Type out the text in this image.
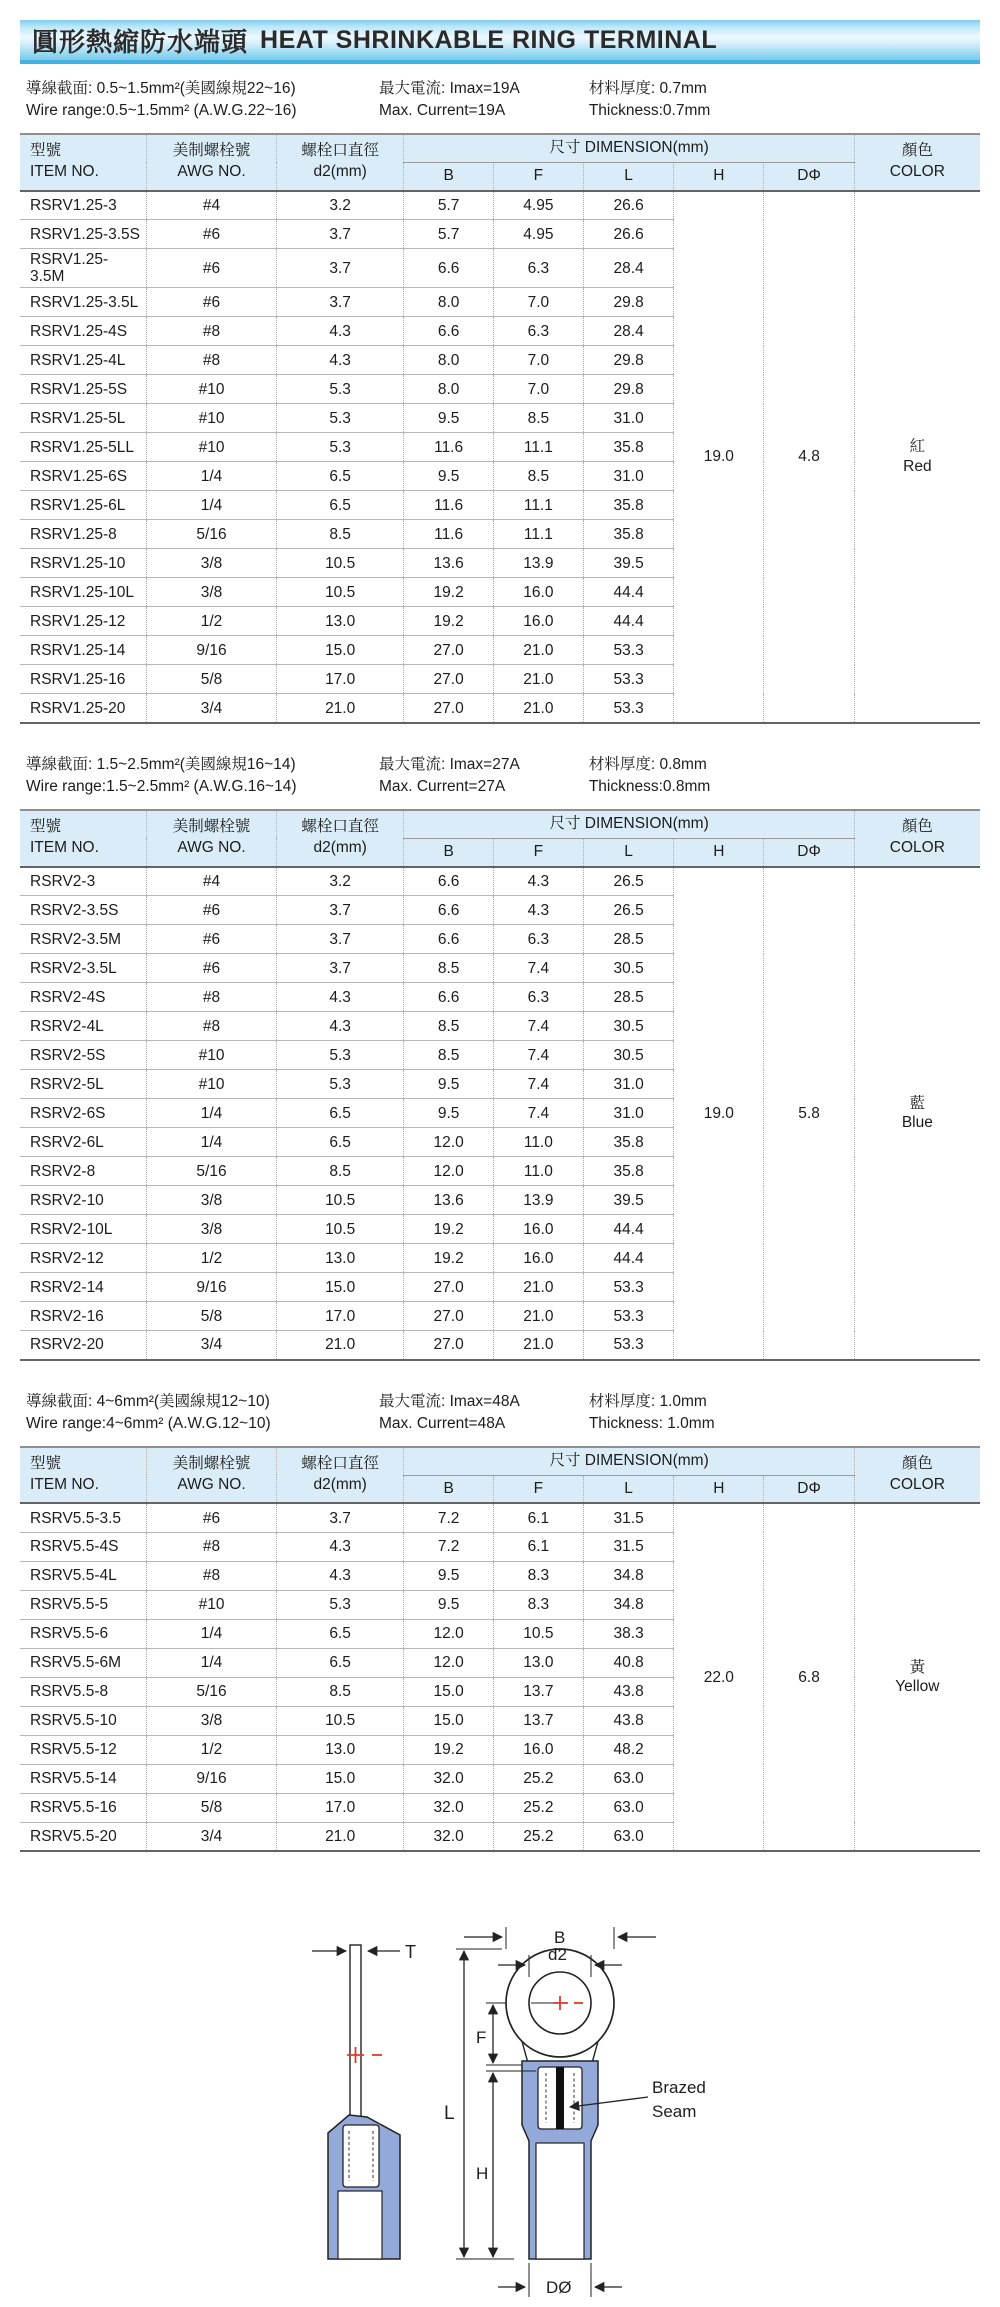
圓形熱縮防水端頭 HEAT SHRINKABLE RING TERMINAL
導線截面: 0.5~1.5mm²(美國線規22~16)
Wire range:0.5~1.5mm² (A.W.G.22~16)
最大電流: Imax=19A
Max. Current=19A
材料厚度: 0.7mm
Thickness:0.7mm
型號
ITEM NO.

美制螺栓號
AWG NO.

螺栓口直徑
d2(mm)
	尺寸 DIMENSION(mm)	顏色
COLOR

			B	F	L	H	DΦ	
RSRV1.25-3	#4	3.2	5.7	4.95	26.6	19.0	4.8	紅
Red

RSRV1.25-3.5S	#6	3.7	5.7	4.95	26.6			
RSRV1.25-3.5M	#6	3.7	6.6	6.3	28.4			
RSRV1.25-3.5L	#6	3.7	8.0	7.0	29.8			
RSRV1.25-4S	#8	4.3	6.6	6.3	28.4			
RSRV1.25-4L	#8	4.3	8.0	7.0	29.8			
RSRV1.25-5S	#10	5.3	8.0	7.0	29.8			
RSRV1.25-5L	#10	5.3	9.5	8.5	31.0			
RSRV1.25-5LL	#10	5.3	11.6	11.1	35.8			
RSRV1.25-6S	1/4	6.5	9.5	8.5	31.0			
RSRV1.25-6L	1/4	6.5	11.6	11.1	35.8			
RSRV1.25-8	5/16	8.5	11.6	11.1	35.8			
RSRV1.25-10	3/8	10.5	13.6	13.9	39.5			
RSRV1.25-10L	3/8	10.5	19.2	16.0	44.4			
RSRV1.25-12	1/2	13.0	19.2	16.0	44.4			
RSRV1.25-14	9/16	15.0	27.0	21.0	53.3			
RSRV1.25-16	5/8	17.0	27.0	21.0	53.3			
RSRV1.25-20	3/4	21.0	27.0	21.0	53.3			
導線截面: 1.5~2.5mm²(美國線規16~14)
Wire range:1.5~2.5mm² (A.W.G.16~14)
最大電流: Imax=27A
Max. Current=27A
材料厚度: 0.8mm
Thickness:0.8mm
型號
ITEM NO.

美制螺栓號
AWG NO.

螺栓口直徑
d2(mm)
	尺寸 DIMENSION(mm)	顏色
COLOR

			B	F	L	H	DΦ	
RSRV2-3	#4	3.2	6.6	4.3	26.5	19.0	5.8	藍
Blue

RSRV2-3.5S	#6	3.7	6.6	4.3	26.5			
RSRV2-3.5M	#6	3.7	6.6	6.3	28.5			
RSRV2-3.5L	#6	3.7	8.5	7.4	30.5			
RSRV2-4S	#8	4.3	6.6	6.3	28.5			
RSRV2-4L	#8	4.3	8.5	7.4	30.5			
RSRV2-5S	#10	5.3	8.5	7.4	30.5			
RSRV2-5L	#10	5.3	9.5	7.4	31.0			
RSRV2-6S	1/4	6.5	9.5	7.4	31.0			
RSRV2-6L	1/4	6.5	12.0	11.0	35.8			
RSRV2-8	5/16	8.5	12.0	11.0	35.8			
RSRV2-10	3/8	10.5	13.6	13.9	39.5			
RSRV2-10L	3/8	10.5	19.2	16.0	44.4			
RSRV2-12	1/2	13.0	19.2	16.0	44.4			
RSRV2-14	9/16	15.0	27.0	21.0	53.3			
RSRV2-16	5/8	17.0	27.0	21.0	53.3			
RSRV2-20	3/4	21.0	27.0	21.0	53.3			
導線截面: 4~6mm²(美國線規12~10)
Wire range:4~6mm² (A.W.G.12~10)
最大電流: Imax=48A
Max. Current=48A
材料厚度: 1.0mm
Thickness: 1.0mm
型號
ITEM NO.

美制螺栓號
AWG NO.

螺栓口直徑
d2(mm)
	尺寸 DIMENSION(mm)	顏色
COLOR

			B	F	L	H	DΦ	
RSRV5.5-3.5	#6	3.7	7.2	6.1	31.5	22.0	6.8	黃
Yellow

RSRV5.5-4S	#8	4.3	7.2	6.1	31.5			
RSRV5.5-4L	#8	4.3	9.5	8.3	34.8			
RSRV5.5-5	#10	5.3	9.5	8.3	34.8			
RSRV5.5-6	1/4	6.5	12.0	10.5	38.3			
RSRV5.5-6M	1/4	6.5	12.0	13.0	40.8			
RSRV5.5-8	5/16	8.5	15.0	13.7	43.8			
RSRV5.5-10	3/8	10.5	15.0	13.7	43.8			
RSRV5.5-12	1/2	13.0	19.2	16.0	48.2			
RSRV5.5-14	9/16	15.0	32.0	25.2	63.0			
RSRV5.5-16	5/8	17.0	32.0	25.2	63.0			
RSRV5.5-20	3/4	21.0	32.0	25.2	63.0			
T
B
d2
F
H
L
DØ
Brazed
Seam
